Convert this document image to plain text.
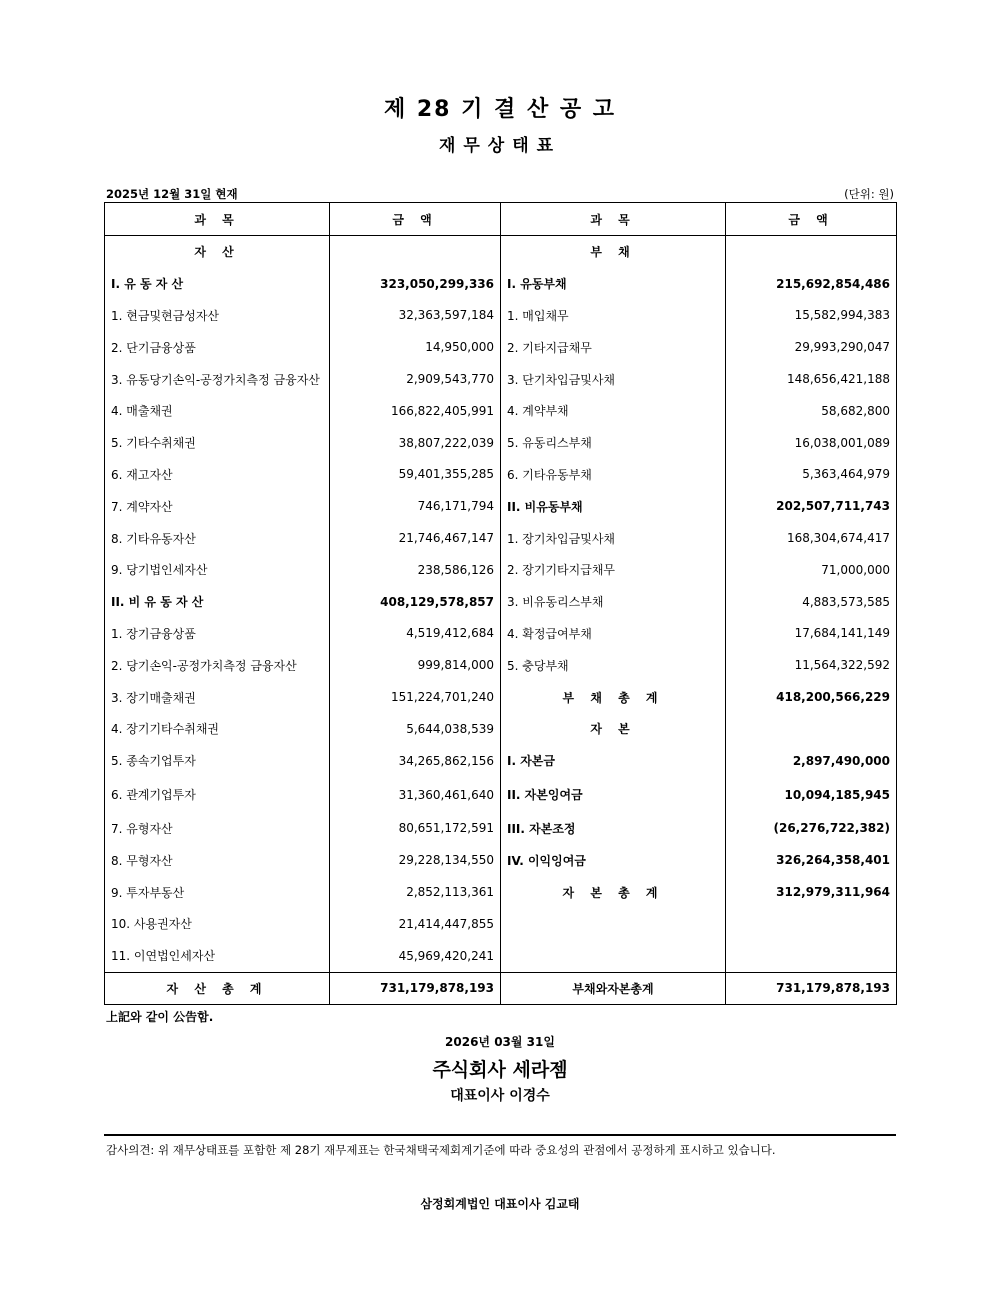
제 28 기 결 산 공 고
재무상태표
2025년 12월 31일 현재	(단위: 원)
과 목	금 액	과 목	금 액
자 산		부 채	
I. 유 동 자 산	323,050,299,336	I. 유동부채	215,692,854,486
1. 현금및현금성자산	32,363,597,184	1. 매입채무	15,582,994,383
2. 단기금융상품	14,950,000	2. 기타지급채무	29,993,290,047
3. 유동당기손익-공정가치측정 금융자산	2,909,543,770	3. 단기차입금및사채	148,656,421,188
4. 매출채권	166,822,405,991	4. 계약부채	58,682,800
5. 기타수취채권	38,807,222,039	5. 유동리스부채	16,038,001,089
6. 재고자산	59,401,355,285	6. 기타유동부채	5,363,464,979
7. 계약자산	746,171,794	II. 비유동부채	202,507,711,743
8. 기타유동자산	21,746,467,147	1. 장기차입금및사채	168,304,674,417
9. 당기법인세자산	238,586,126	2. 장기기타지급채무	71,000,000
II. 비 유 동 자 산	408,129,578,857	3. 비유동리스부채	4,883,573,585
1. 장기금융상품	4,519,412,684	4. 확정급여부채	17,684,141,149
2. 당기손익-공정가치측정 금융자산	999,814,000	5. 충당부채	11,564,322,592
3. 장기매출채권	151,224,701,240	부 채 총 계	418,200,566,229
4. 장기기타수취채권	5,644,038,539	자 본	
5. 종속기업투자	34,265,862,156	I. 자본금	2,897,490,000
6. 관계기업투자	31,360,461,640	II. 자본잉여금	10,094,185,945
7. 유형자산	80,651,172,591	III. 자본조정	(26,276,722,382)
8. 무형자산	29,228,134,550	IV. 이익잉여금	326,264,358,401
9. 투자부동산	2,852,113,361	자 본 총 계	312,979,311,964
10. 사용권자산	21,414,447,855		
11. 이연법인세자산	45,969,420,241		
자 산 총 계	731,179,878,193	부채와자본총계	731,179,878,193
上記와 같이 公告함.
2026년 03월 31일
주식회사 세라젬
대표이사 이경수
감사의견: 위 재무상태표를 포함한 제 28기 재무제표는 한국채택국제회계기준에 따라 중요성의 관점에서 공정하게 표시하고 있습니다.
삼정회계법인 대표이사 김교태
